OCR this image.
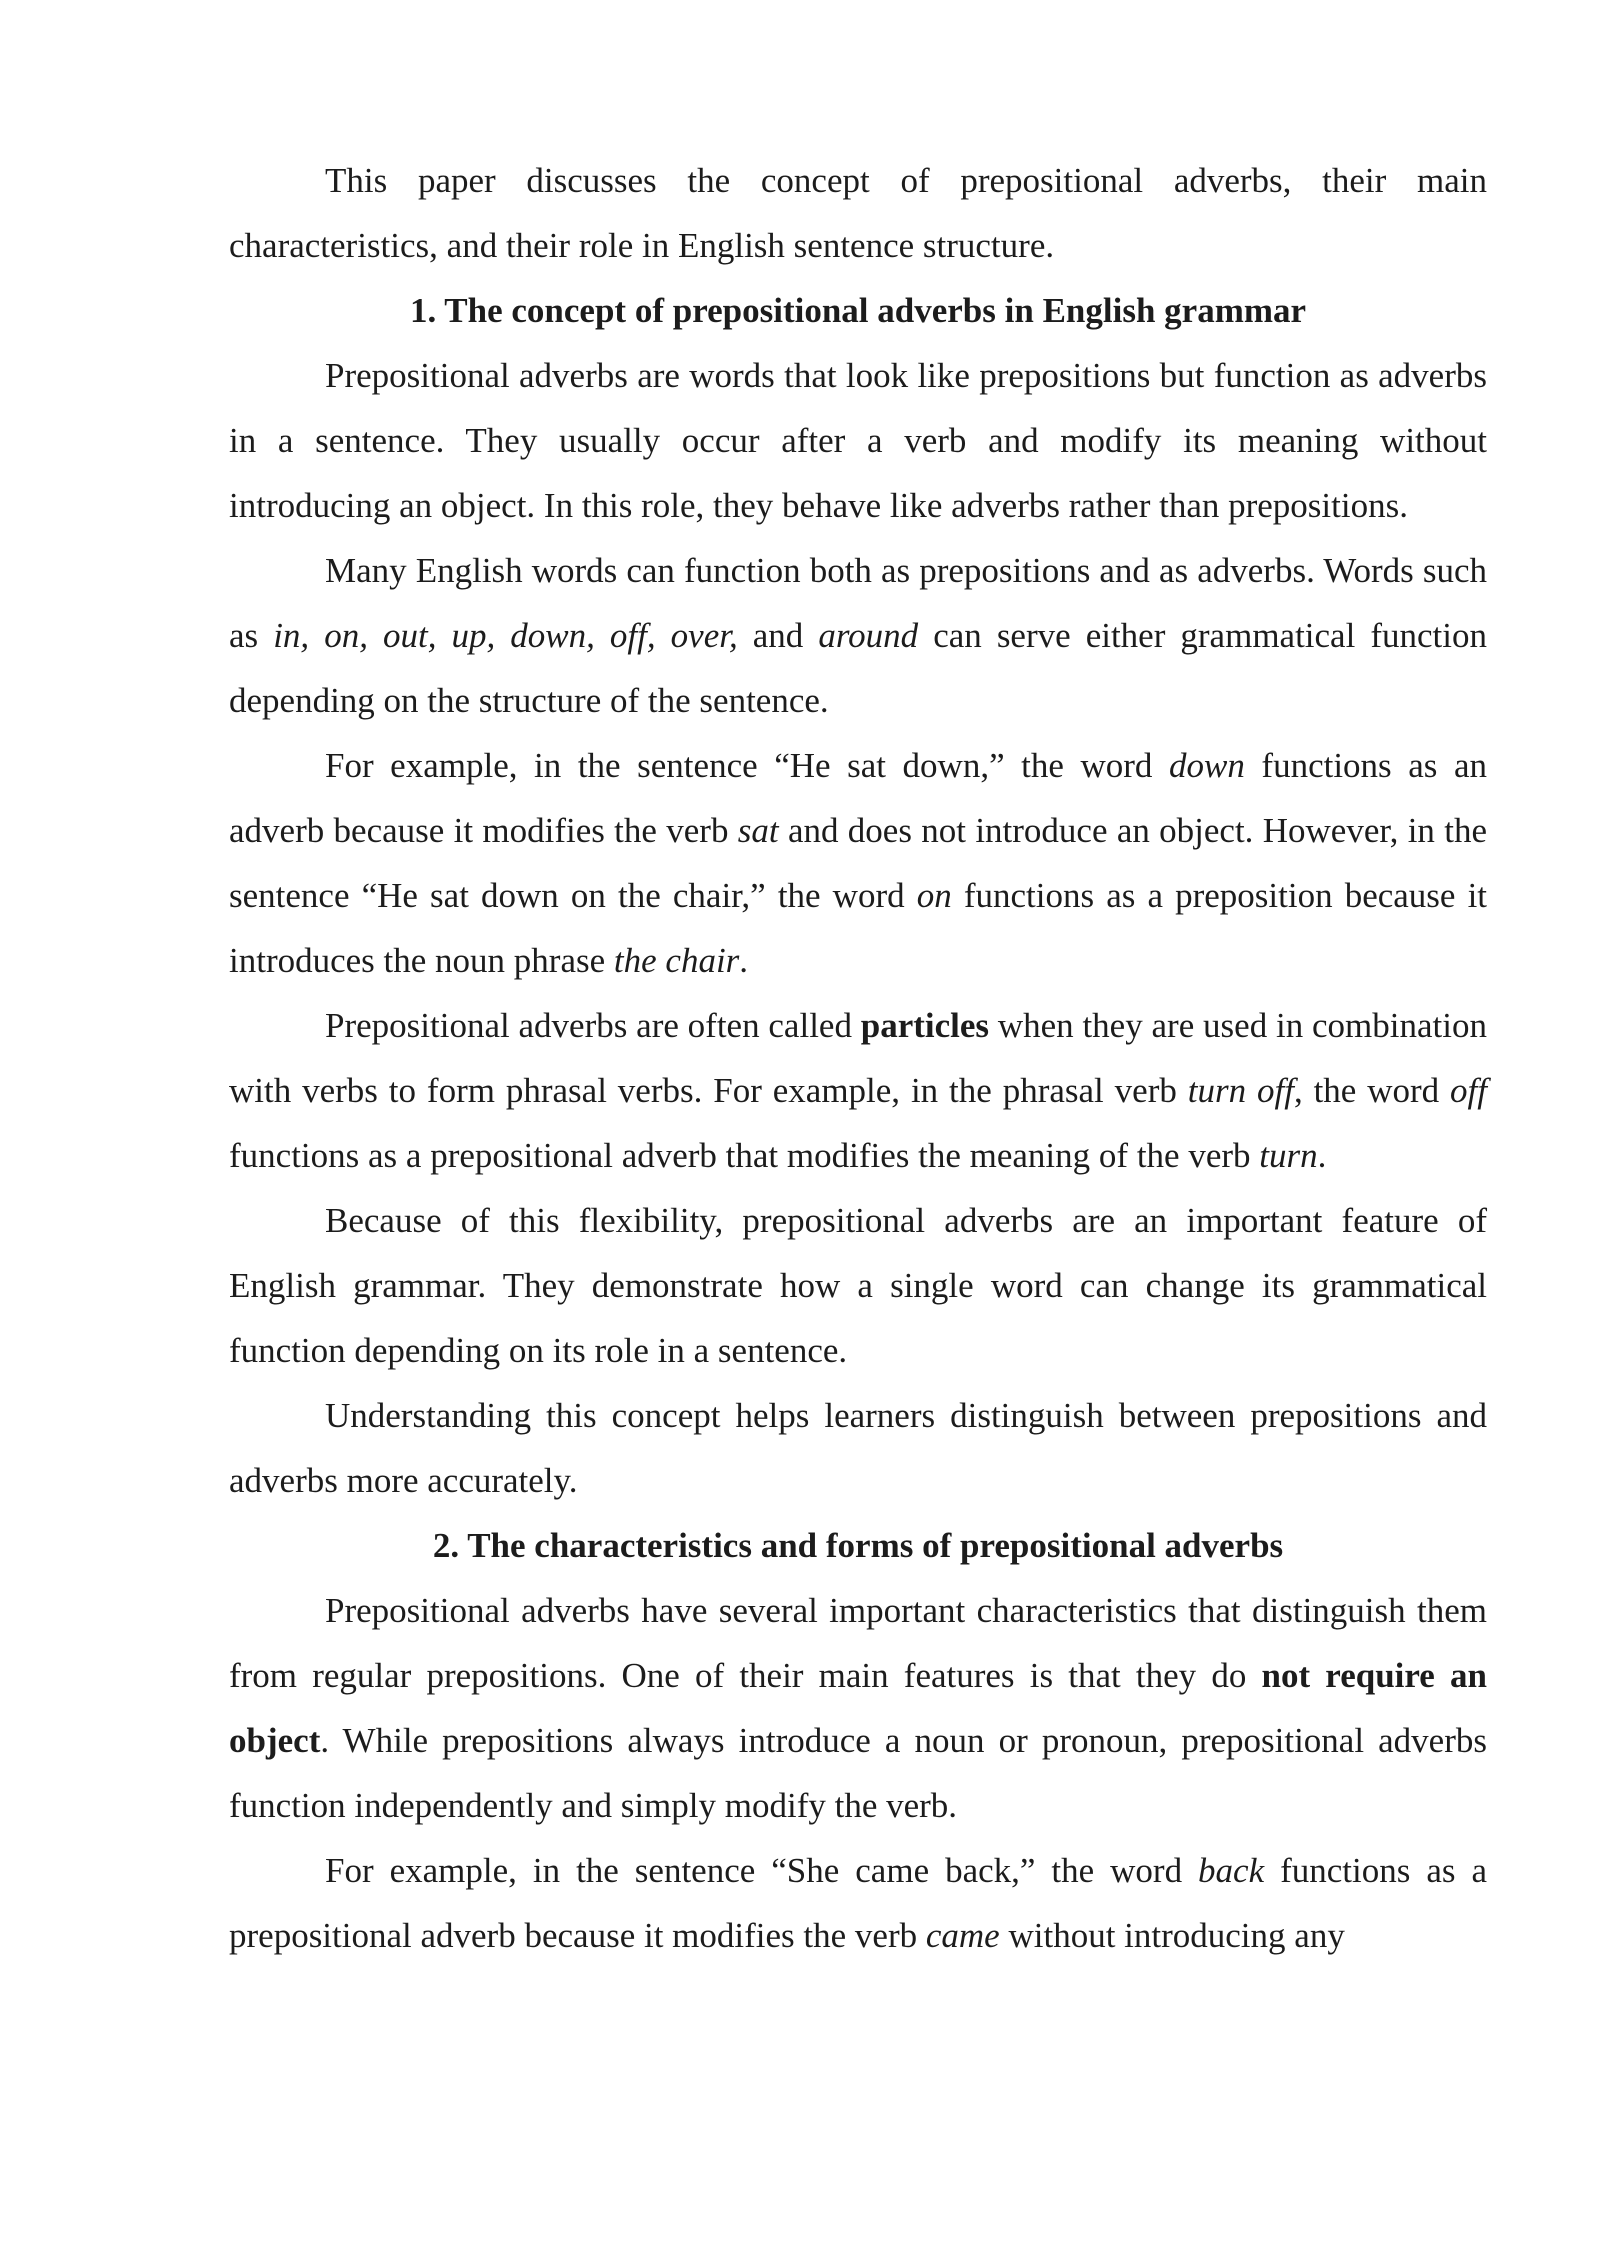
This paper discusses the concept of prepositional adverbs, their main characteristics, and their role in English sentence structure.

1. The concept of prepositional adverbs in English grammar

Prepositional adverbs are words that look like prepositions but function as adverbs in a sentence. They usually occur after a verb and modify its meaning without introducing an object. In this role, they behave like adverbs rather than prepositions.

Many English words can function both as prepositions and as adverbs. Words such as in, on, out, up, down, off, over, and around can serve either grammatical function depending on the structure of the sentence.

For example, in the sentence “He sat down,” the word down functions as an adverb because it modifies the verb sat and does not introduce an object. However, in the sentence “He sat down on the chair,” the word on functions as a preposition because it introduces the noun phrase the chair.

Prepositional adverbs are often called particles when they are used in combination with verbs to form phrasal verbs. For example, in the phrasal verb turn off, the word off functions as a prepositional adverb that modifies the meaning of the verb turn.

Because of this flexibility, prepositional adverbs are an important feature of English grammar. They demonstrate how a single word can change its grammatical function depending on its role in a sentence.

Understanding this concept helps learners distinguish between prepositions and adverbs more accurately.

2. The characteristics and forms of prepositional adverbs

Prepositional adverbs have several important characteristics that distinguish them from regular prepositions. One of their main features is that they do not require an object. While prepositions always introduce a noun or pronoun, prepositional adverbs function independently and simply modify the verb.

For example, in the sentence “She came back,” the word back functions as a prepositional adverb because it modifies the verb came without introducing any
